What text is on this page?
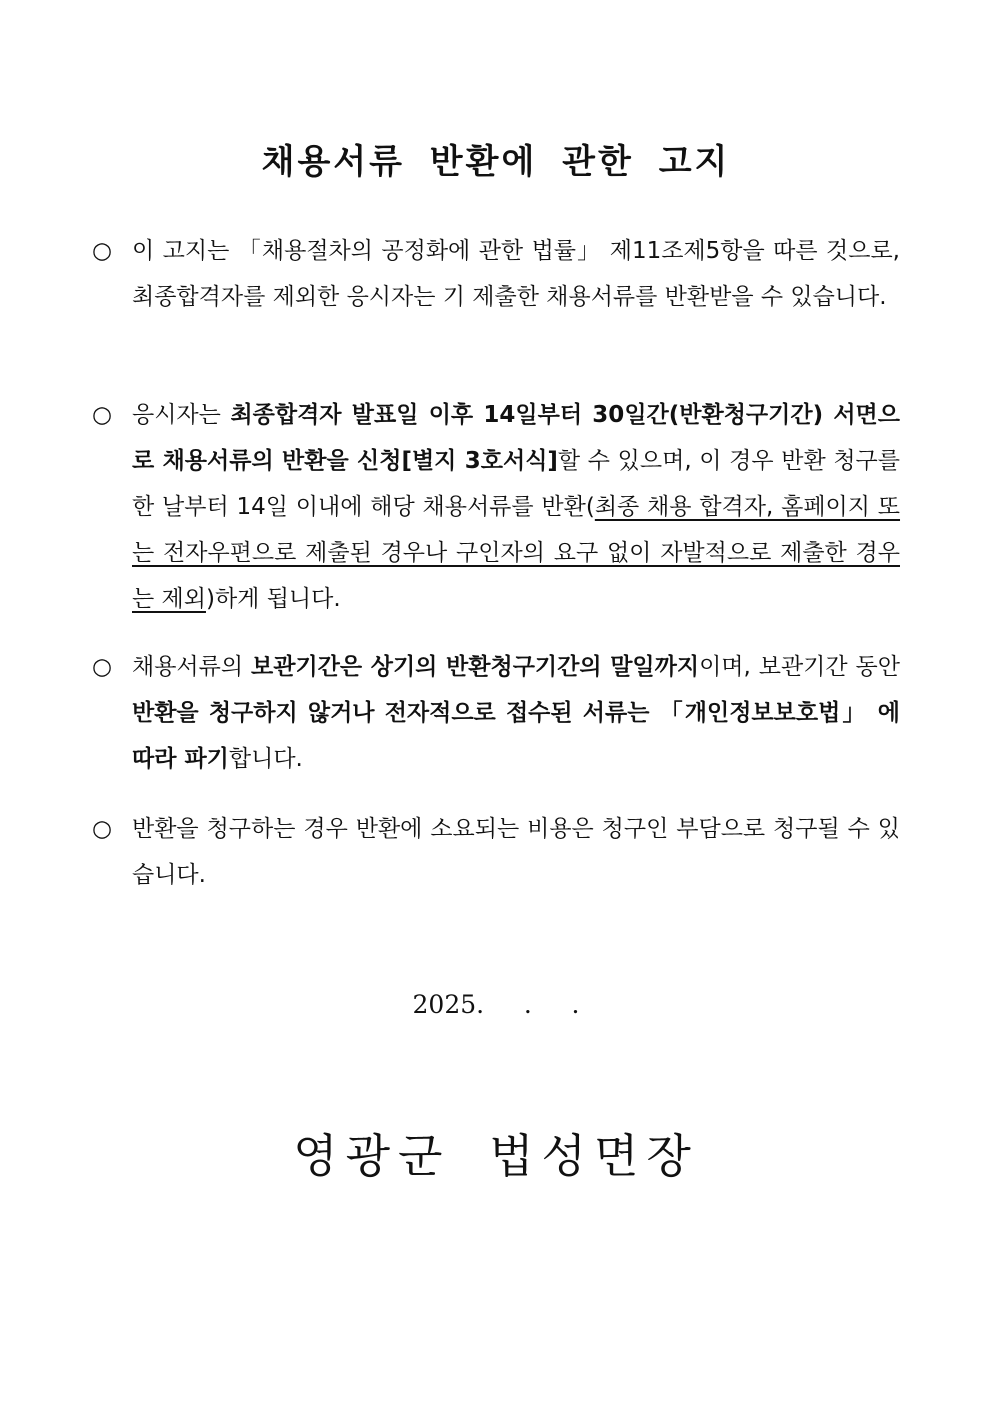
채용서류 반환에 관한 고지
○ 이 고지는 「채용절차의 공정화에 관한 법률」 제11조제5항을 따른 것으로, 최종합격자를 제외한 응시자는 기 제출한 채용서류를 반환받을 수 있습니다.
○ 응시자는 최종합격자 발표일 이후 14일부터 30일간(반환청구기간) 서면으로 채용서류의 반환을 신청[별지 3호서식]할 수 있으며, 이 경우 반환 청구를 한 날부터 14일 이내에 해당 채용서류를 반환(최종 채용 합격자, 홈페이지 또는 전자우편으로 제출된 경우나 구인자의 요구 없이 자발적으로 제출한 경우는 제외)하게 됩니다.
○ 채용서류의 보관기간은 상기의 반환청구기간의 말일까지이며, 보관기간 동안 반환을 청구하지 않거나 전자적으로 접수된 서류는 「개인정보보호법」 에 따라 파기합니다.
○ 반환을 청구하는 경우 반환에 소요되는 비용은 청구인 부담으로 청구될 수 있습니다.
2025.     .     .
영광군 법성면장
